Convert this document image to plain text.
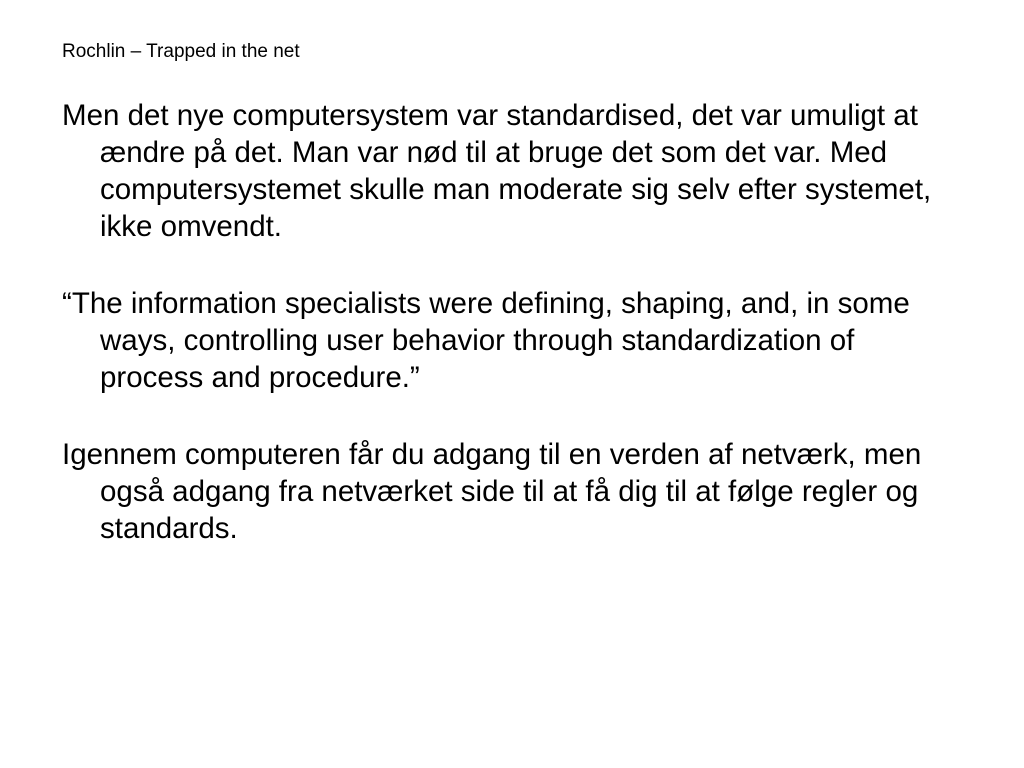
Rochlin – Trapped in the net

Men det nye computersystem var standardised, det var umuligt at ændre på det. Man var nød til at bruge det som det var. Med computersystemet skulle man moderate sig selv efter systemet, ikke omvendt.

“The information specialists were defining, shaping, and, in some ways, controlling user behavior through standardization of process and procedure.”

Igennem computeren får du adgang til en verden af netværk, men også adgang fra netværket side til at få dig til at følge regler og standards.
